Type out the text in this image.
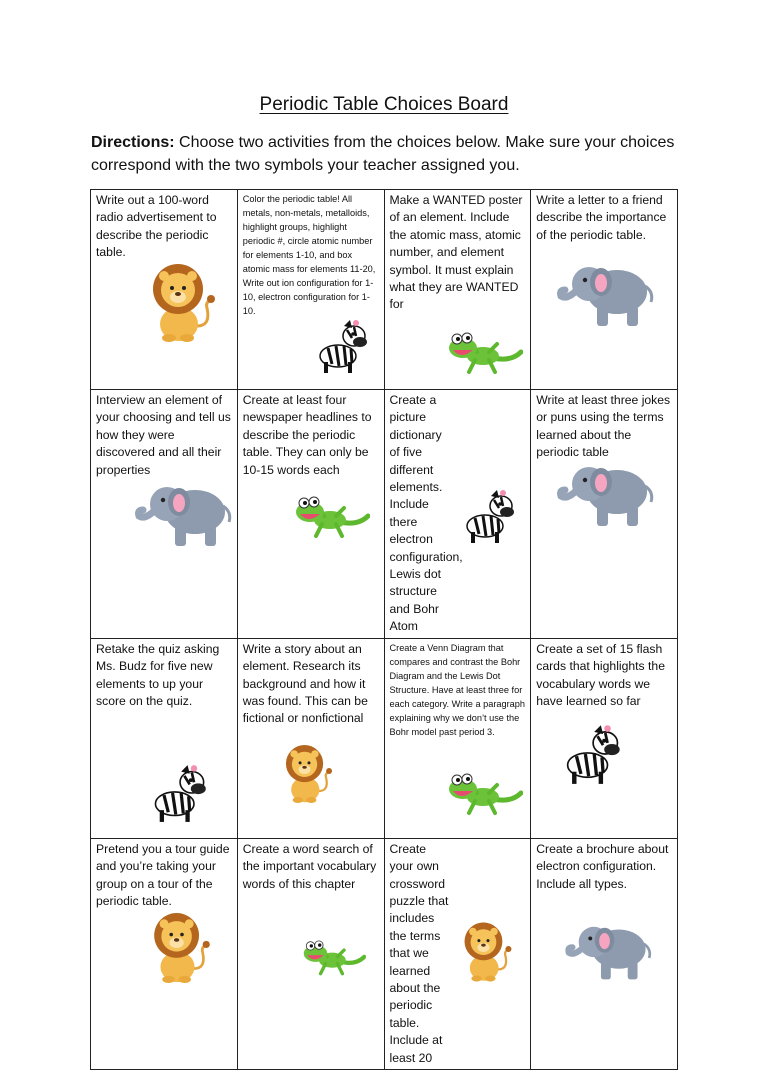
Periodic Table Choices Board
Directions: Choose two activities from the choices below. Make sure your choices correspond with the two symbols your teacher assigned you.
Write out a 100-word radio advertisement to describe the periodic table.	Color the periodic table! All metals, non-metals, metalloids, highlight groups, highlight periodic #, circle atomic number for elements 1-10, and box atomic mass for elements 11-20, Write out ion configuration for 1-10, electron configuration for 1-10.	Make a WANTED poster of an element. Include the atomic mass, atomic number, and element symbol. It must explain what they are WANTED for	Write a letter to a friend describe the importance of the periodic table.

Interview an element of your choosing and tell us how they were discovered and all their properties	Create at least four newspaper headlines to describe the periodic table. They can only be 10-15 words each	Create a picture dictionary of five different elements. Include there electron configuration, Lewis dot structure and Bohr Atom	Write at least three jokes or puns using the terms learned about the periodic table

Retake the quiz asking Ms. Budz for five new elements to up your score on the quiz.	Write a story about an element. Research its background and how it was found. This can be fictional or nonfictional	Create a Venn Diagram that compares and contrast the Bohr Diagram and the Lewis Dot Structure. Have at least three for each category. Write a paragraph explaining why we don’t use the Bohr model past period 3.	Create a set of 15 flash cards that highlights the vocabulary words we have learned so far

Pretend you a tour guide and you’re taking your group on a tour of the periodic table.	Create a word search of the important vocabulary words of this chapter	Create your own crossword puzzle that includes the terms that we learned about the periodic table. Include at least 20	Create a brochure about electron configuration. Include all types.
